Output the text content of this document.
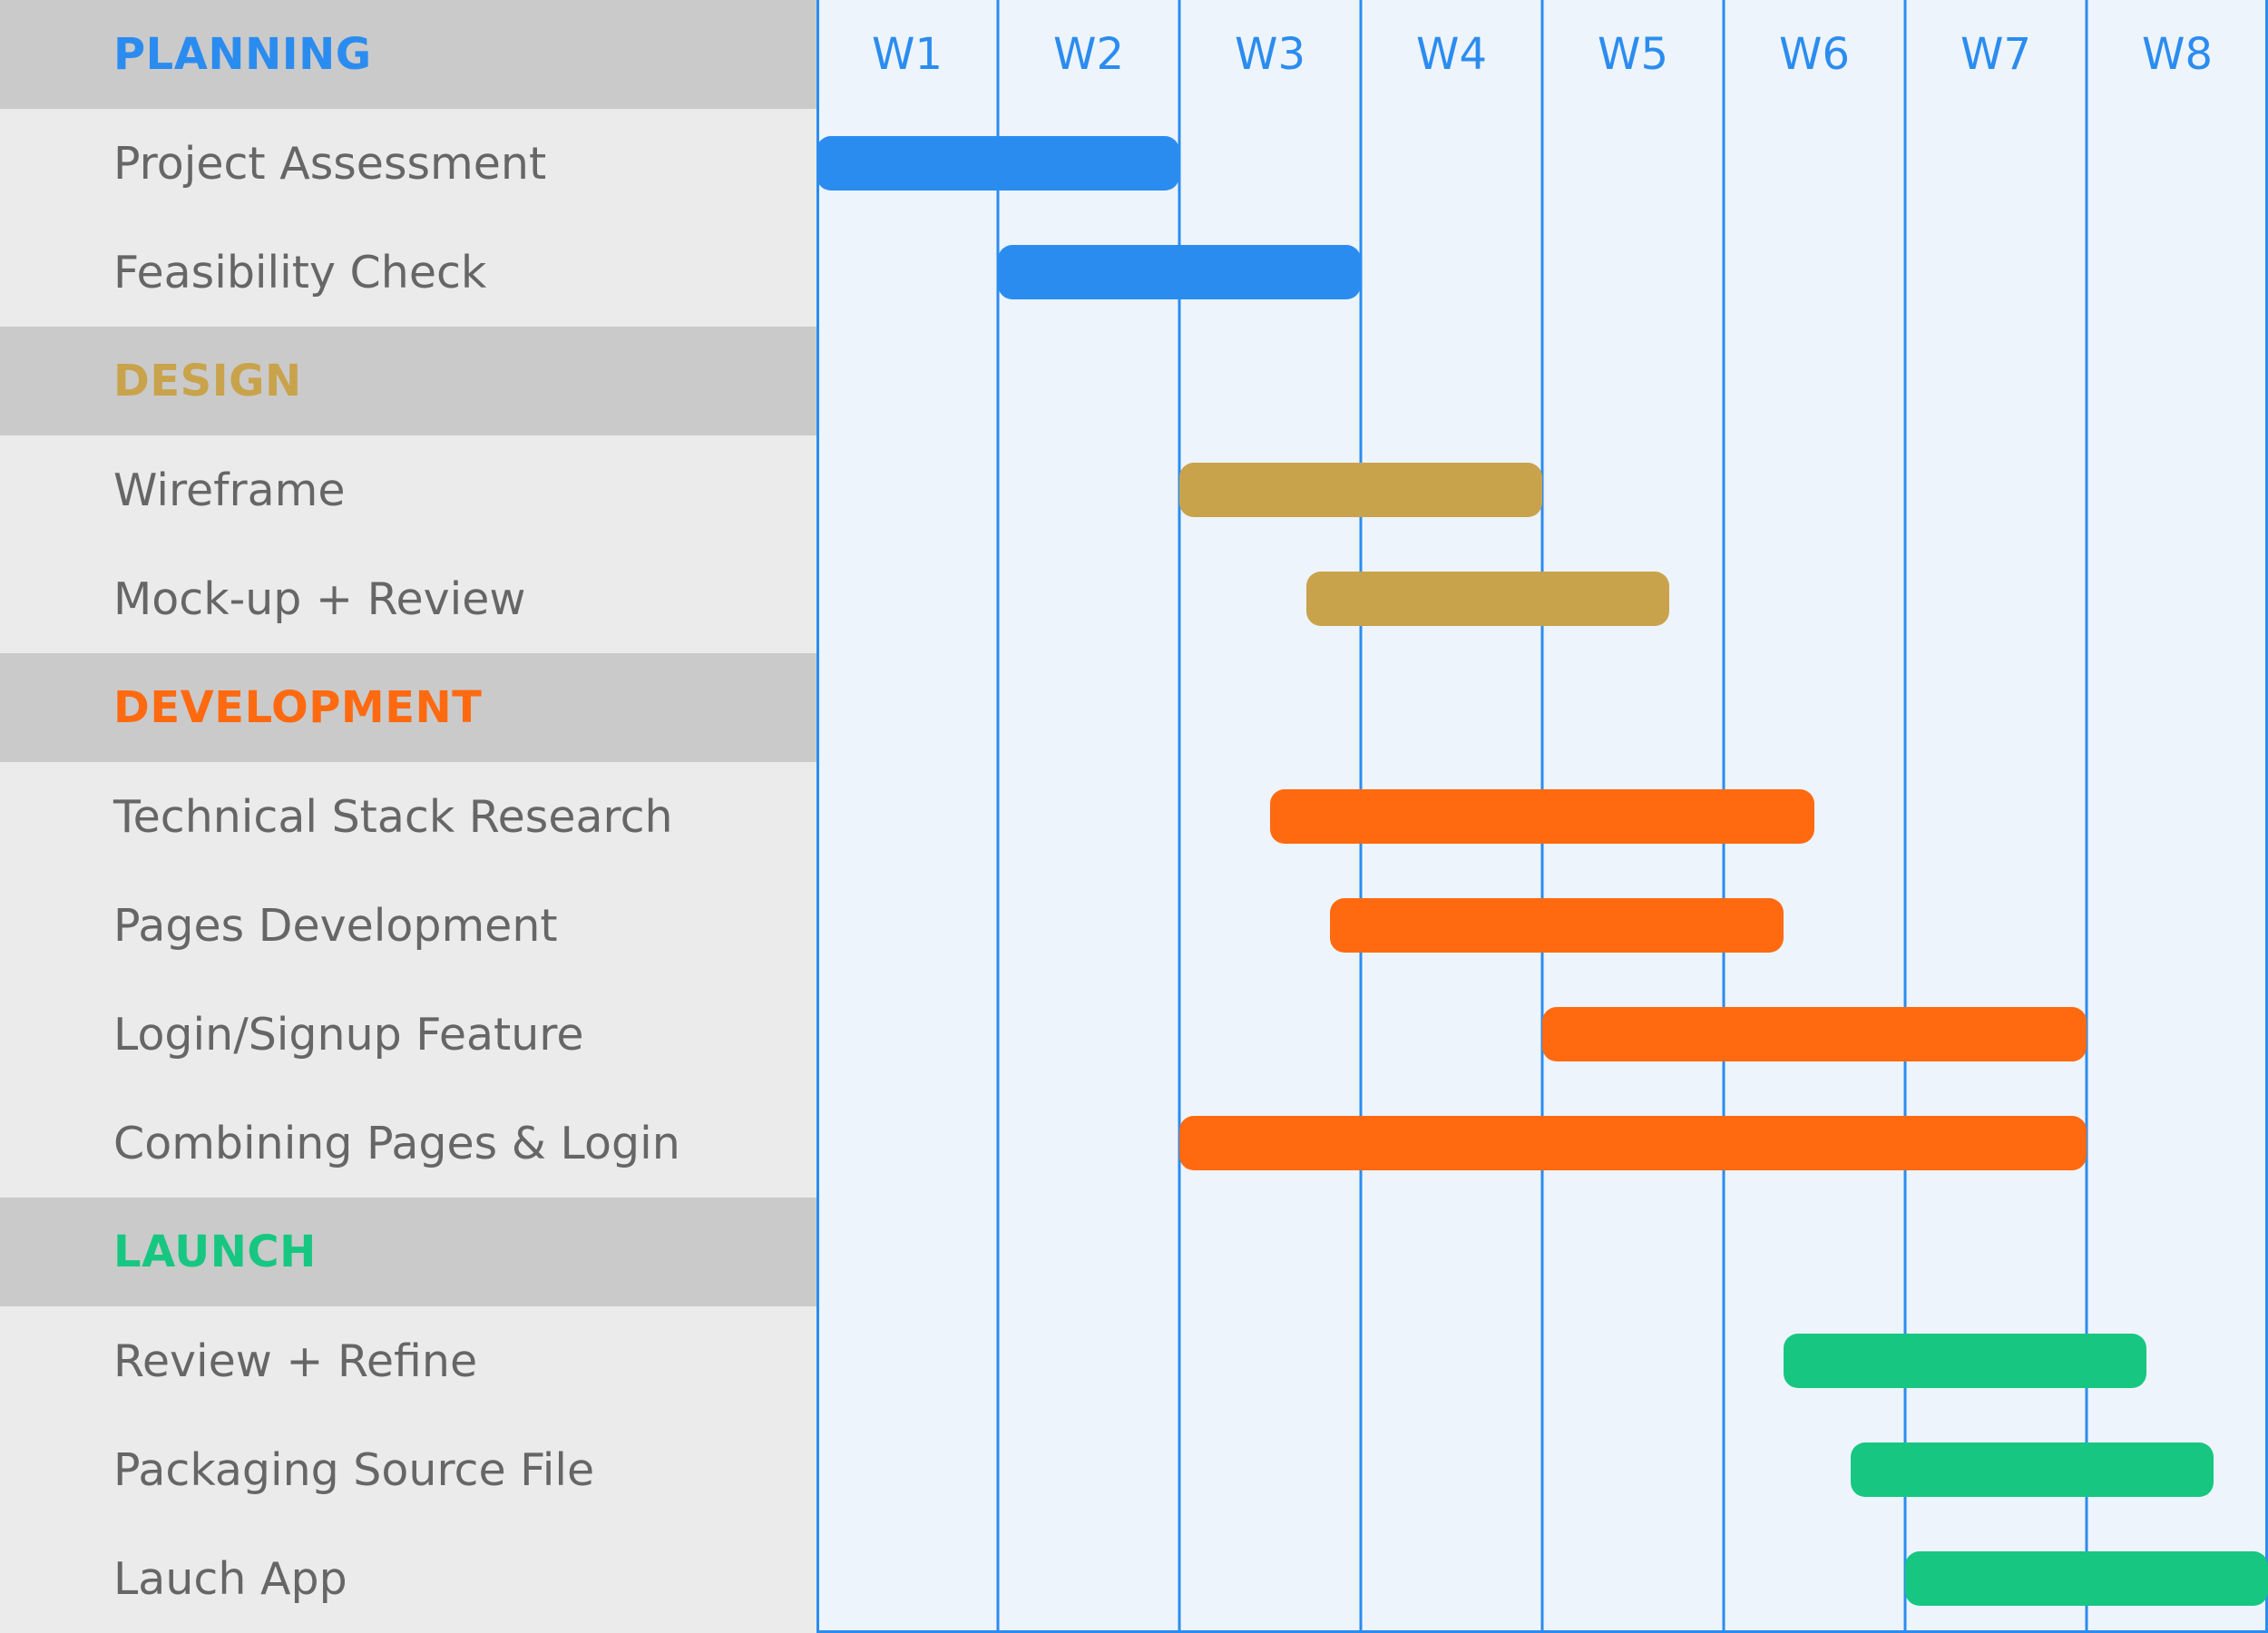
PLANNING
Project Assessment
Feasibility Check
DESIGN
Wireframe
Mock-up + Review
DEVELOPMENT
Technical Stack Research
Pages Development
Login/Signup Feature
Combining Pages & Login
LAUNCH
Review + Refine
Packaging Source File
Lauch App
W1	W2	W3	W4	W5	W6	W7	W8
